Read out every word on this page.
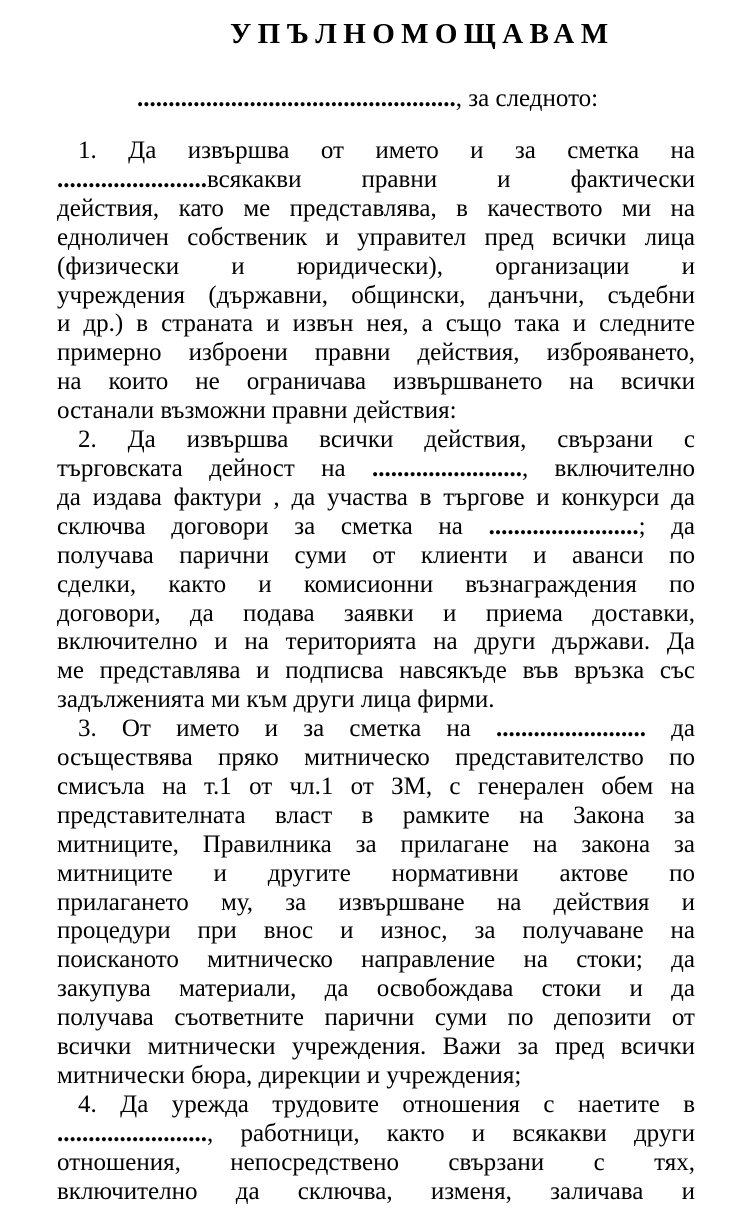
УПЪЛНОМОЩАВАМ
..................................................., за следното:
1. Да извършва от името и за сметка на
........................всякакви правни и фактически
действия, като ме представлява, в качеството ми на
едноличен собственик и управител пред всички лица
(физически и юридически), организации и
учреждения (държавни, общински, данъчни, съдебни
и др.) в страната и извън нея, а също така и следните
примерно изброени правни действия, изброяването,
на които не ограничава извършването на всички
останали възможни правни действия:
2. Да извършва всички действия, свързани с
търговската дейност на ........................, включително
да издава фактури , да участва в търгове и конкурси да
сключва договори за сметка на ........................; да
получава парични суми от клиенти и аванси по
сделки, както и комисионни възнаграждения по
договори, да подава заявки и приема доставки,
включително и на територията на други държави. Да
ме представлява и подписва навсякъде във връзка със
задълженията ми към други лица фирми.
3. От името и за сметка на ........................ да
осъществява пряко митническо представителство по
смисъла на т.1 от чл.1 от ЗМ, с генерален обем на
представителната власт в рамките на Закона за
митниците, Правилника за прилагане на закона за
митниците и другите нормативни актове по
прилагането му, за извършване на действия и
процедури при внос и износ, за получаване на
поисканото митническо направление на стоки; да
закупува материали, да освобождава стоки и да
получава съответните парични суми по депозити от
всички митнически учреждения. Важи за пред всички
митнически бюра, дирекции и учреждения;
4. Да урежда трудовите отношения с наетите в
........................, работници, както и всякакви други
отношения, непосредствено свързани с тях,
включително да сключва, изменя, заличава и
